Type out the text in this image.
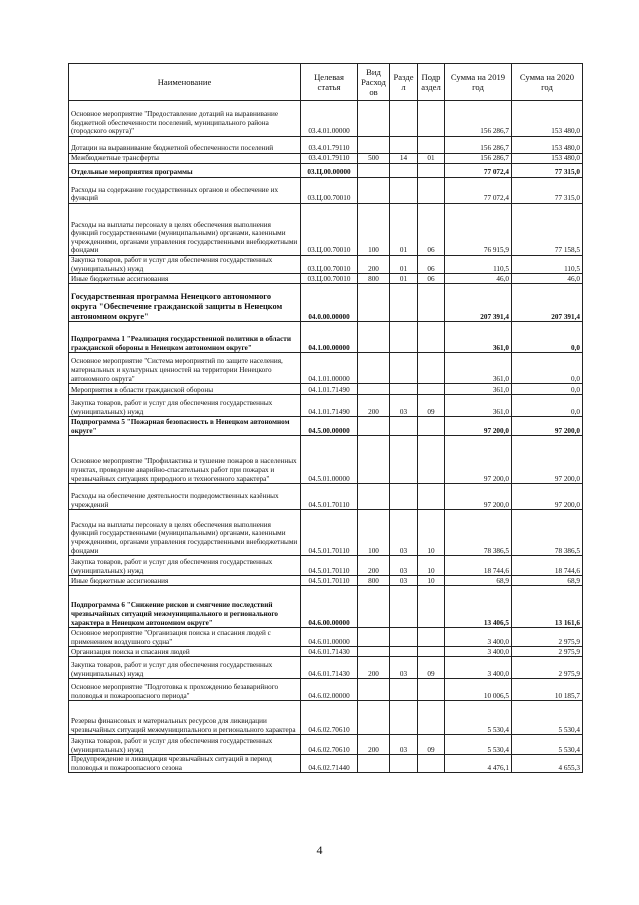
Наименование	Целевая статья	Вид Расход ов	Разде л	Подр аздел	Сумма на 2019 год	Сумма на 2020 год
Основное мероприятие "Предоставление дотаций на выравнивание бюджетной обеспеченности поселений, муниципального района (городского округа)"	03.4.01.00000				156 286,7	153 480,0
Дотации на выравнивание бюджетной обеспеченности поселений	03.4.01.79110				156 286,7	153 480,0
Межбюджетные трансферты	03.4.01.79110	500	14	01	156 286,7	153 480,0
Отдельные мероприятия программы	03.Ц.00.00000				77 072,4	77 315,0
Расходы на содержание государственных органов и обеспечение их функций	03.Ц.00.70010				77 072,4	77 315,0
Расходы на выплаты персоналу в целях обеспечения выполнения функций государственными (муниципальными) органами, казенными учреждениями, органами управления государственными внебюджетными фондами	03.Ц.00.70010	100	01	06	76 915,9	77 158,5
Закупка товаров, работ и услуг для обеспечения государственных (муниципальных) нужд	03.Ц.00.70010	200	01	06	110,5	110,5
Иные бюджетные ассигнования	03.Ц.00.70010	800	01	06	46,0	46,0
Государственная программа Ненецкого автономного округа "Обеспечение гражданской защиты в Ненецком автономном округе"	04.0.00.00000				207 391,4	207 391,4
Подпрограмма 1 "Реализация государственной политики в области гражданской обороны в Ненецком автономном округе"	04.1.00.00000				361,0	0,0
Основное мероприятие "Система мероприятий по защите населения, материальных и культурных ценностей на территории Ненецкого автономного округа"	04.1.01.00000				361,0	0,0
Мероприятия в области гражданской обороны	04.1.01.71490				361,0	0,0
Закупка товаров, работ и услуг для обеспечения государственных (муниципальных) нужд	04.1.01.71490	200	03	09	361,0	0,0
Подпрограмма 5 "Пожарная безопасность в Ненецком автономном округе"	04.5.00.00000				97 200,0	97 200,0
Основное мероприятие "Профилактика и тушение пожаров в населенных пунктах, проведение аварийно-спасательных работ при пожарах и чрезвычайных ситуациях природного и техногенного характера"	04.5.01.00000				97 200,0	97 200,0
Расходы на обеспечение деятельности подведомственных казённых учреждений	04.5.01.70110				97 200,0	97 200,0
Расходы на выплаты персоналу в целях обеспечения выполнения функций государственными (муниципальными) органами, казенными учреждениями, органами управления государственными внебюджетными фондами	04.5.01.70110	100	03	10	78 386,5	78 386,5
Закупка товаров, работ и услуг для обеспечения государственных (муниципальных) нужд	04.5.01.70110	200	03	10	18 744,6	18 744,6
Иные бюджетные ассигнования	04.5.01.70110	800	03	10	68,9	68,9
Подпрограмма 6 "Снижение рисков и смягчение последствий чрезвычайных ситуаций межмуниципального и регионального характера в Ненецком автономном округе"	04.6.00.00000				13 406,5	13 161,6
Основное мероприятие "Организация поиска и спасания людей с применением воздушного судна"	04.6.01.00000				3 400,0	2 975,9
Организация поиска и спасания людей	04.6.01.71430				3 400,0	2 975,9
Закупка товаров, работ и услуг для обеспечения государственных (муниципальных) нужд	04.6.01.71430	200	03	09	3 400,0	2 975,9
Основное мероприятие "Подготовка к прохождению безаварийного половодья и пожароопасного периода"	04.6.02.00000				10 006,5	10 185,7
Резервы финансовых и материальных ресурсов для ликвидации чрезвычайных ситуаций межмуниципального и регионального характера	04.6.02.70610				5 530,4	5 530,4
Закупка товаров, работ и услуг для обеспечения государственных (муниципальных) нужд	04.6.02.70610	200	03	09	5 530,4	5 530,4
Предупреждение и ликвидация чрезвычайных ситуаций в период половодья и пожароопасного сезона	04.6.02.71440				4 476,1	4 655,3
4
